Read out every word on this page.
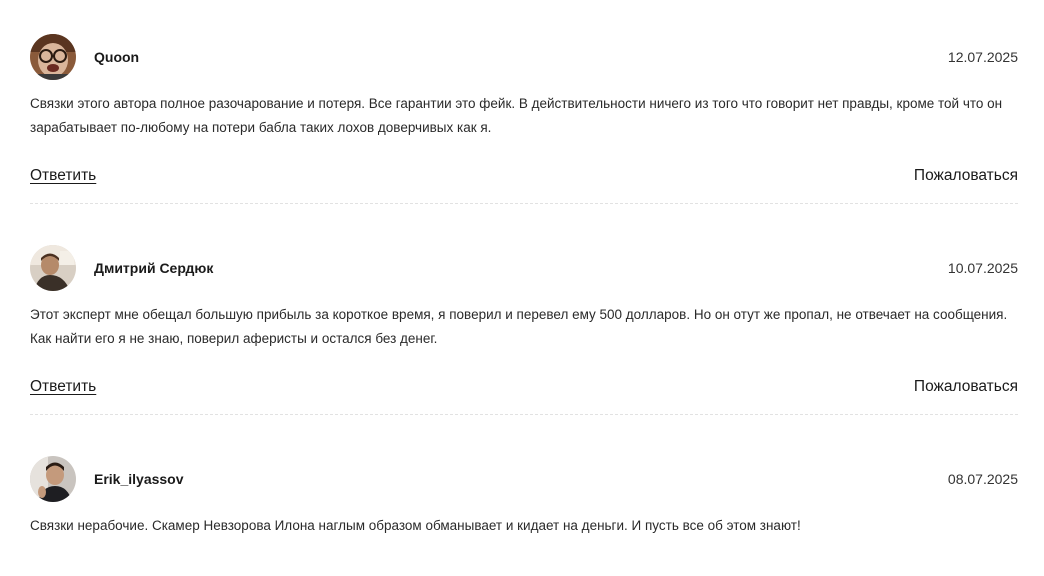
Quoon	12.07.2025
Связки этого автора полное разочарование и потеря. Все гарантии это фейк. В действительности ничего из того что говорит нет правды, кроме той что он зарабатывает по-любому на потери бабла таких лохов доверчивых как я.
Ответить	Пожаловаться
Дмитрий Сердюк	10.07.2025
Этот эксперт мне обещал большую прибыль за короткое время, я поверил и перевел ему 500 долларов. Но он отут же пропал, не отвечает на сообщения. Как найти его я не знаю, поверил аферисты и остался без денег.
Ответить	Пожаловаться
Erik_ilyassov	08.07.2025
Связки нерабочие. Скамер Невзорова Илона наглым образом обманывает и кидает на деньги. И пусть все об этом знают!
